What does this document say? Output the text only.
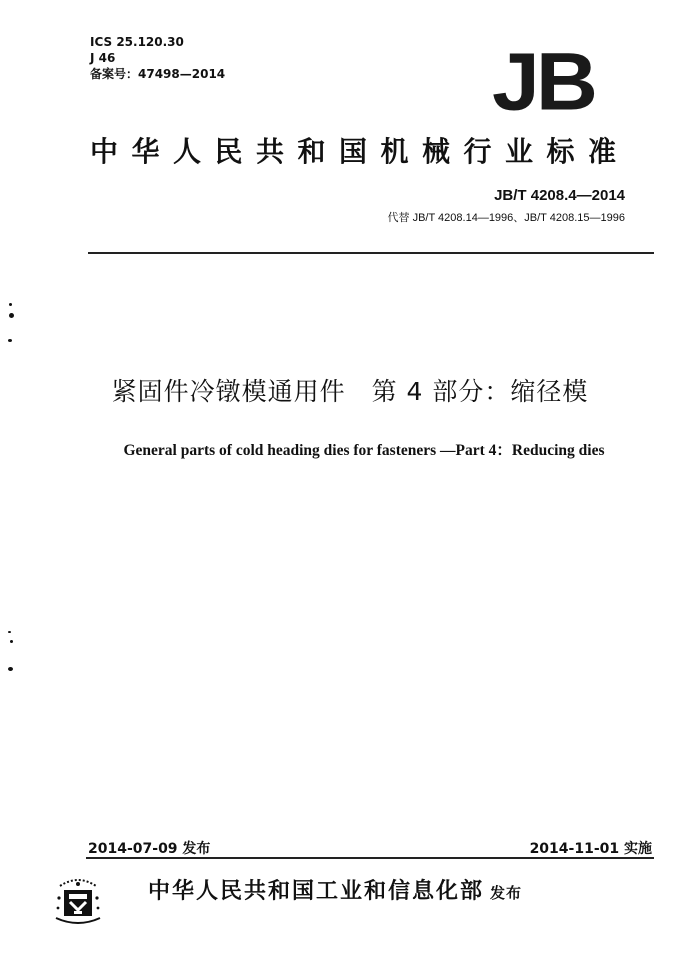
ICS 25.120.30
J 46
备案号：47498—2014	JB
中华人民共和国机械行业标准
JB/T 4208.4—2014
代替 JB/T 4208.14—1996、JB/T 4208.15—1996
紧固件冷镦模通用件　第 4 部分：缩径模
General parts of cold heading dies for fasteners —Part 4：Reducing dies
2014-07-09 发布	2014-11-01 实施
中华人民共和国工业和信息化部 发布
